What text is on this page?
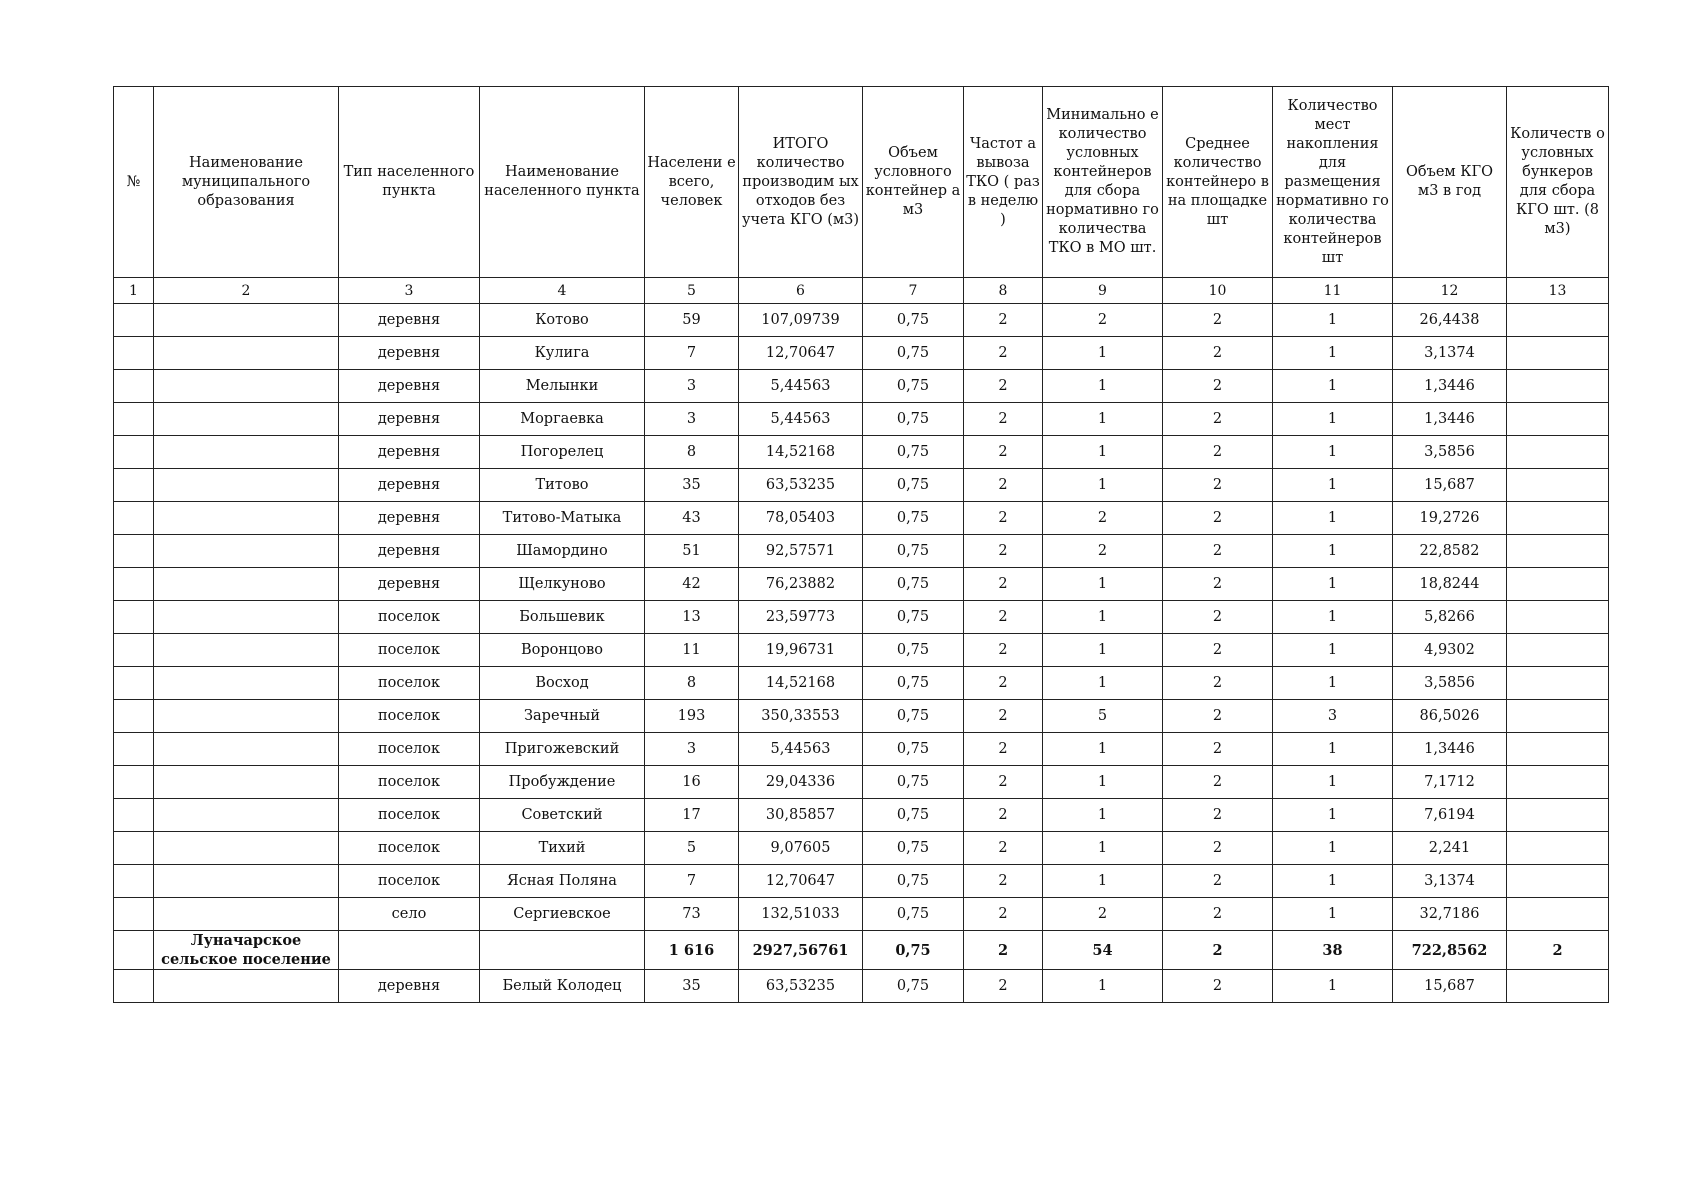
№	Наименование муниципального образования	Тип населенного пункта	Наименование населенного пункта	Населени е всего, человек	ИТОГО количество производим ых отходов без учета КГО (м3)	Объем условного контейнер а м3	Частот а вывоза ТКО ( раз в неделю )	Минимально е количество условных контейнеров для сбора нормативно го количества ТКО в МО шт.	Среднее количество контейнеро в на площадке шт	Количество мест накопления для размещения нормативно го количества контейнеров шт	Объем КГО м3 в год	Количеств о условных бункеров для сбора КГО шт. (8 м3)
1	2	3	4	5	6	7	8	9	10	11	12	13
		деревня	Котово	59	107,09739	0,75	2	2	2	1	26,4438	
		деревня	Кулига	7	12,70647	0,75	2	1	2	1	3,1374	
		деревня	Мелынки	3	5,44563	0,75	2	1	2	1	1,3446	
		деревня	Моргаевка	3	5,44563	0,75	2	1	2	1	1,3446	
		деревня	Погорелец	8	14,52168	0,75	2	1	2	1	3,5856	
		деревня	Титово	35	63,53235	0,75	2	1	2	1	15,687	
		деревня	Титово-Матыка	43	78,05403	0,75	2	2	2	1	19,2726	
		деревня	Шамордино	51	92,57571	0,75	2	2	2	1	22,8582	
		деревня	Щелкуново	42	76,23882	0,75	2	1	2	1	18,8244	
		поселок	Большевик	13	23,59773	0,75	2	1	2	1	5,8266	
		поселок	Воронцово	11	19,96731	0,75	2	1	2	1	4,9302	
		поселок	Восход	8	14,52168	0,75	2	1	2	1	3,5856	
		поселок	Заречный	193	350,33553	0,75	2	5	2	3	86,5026	
		поселок	Пригожевский	3	5,44563	0,75	2	1	2	1	1,3446	
		поселок	Пробуждение	16	29,04336	0,75	2	1	2	1	7,1712	
		поселок	Советский	17	30,85857	0,75	2	1	2	1	7,6194	
		поселок	Тихий	5	9,07605	0,75	2	1	2	1	2,241	
		поселок	Ясная Поляна	7	12,70647	0,75	2	1	2	1	3,1374	
		село	Сергиевское	73	132,51033	0,75	2	2	2	1	32,7186	
	Луначарское сельское поселение			1 616	2927,56761	0,75	2	54	2	38	722,8562	2
		деревня	Белый Колодец	35	63,53235	0,75	2	1	2	1	15,687	
